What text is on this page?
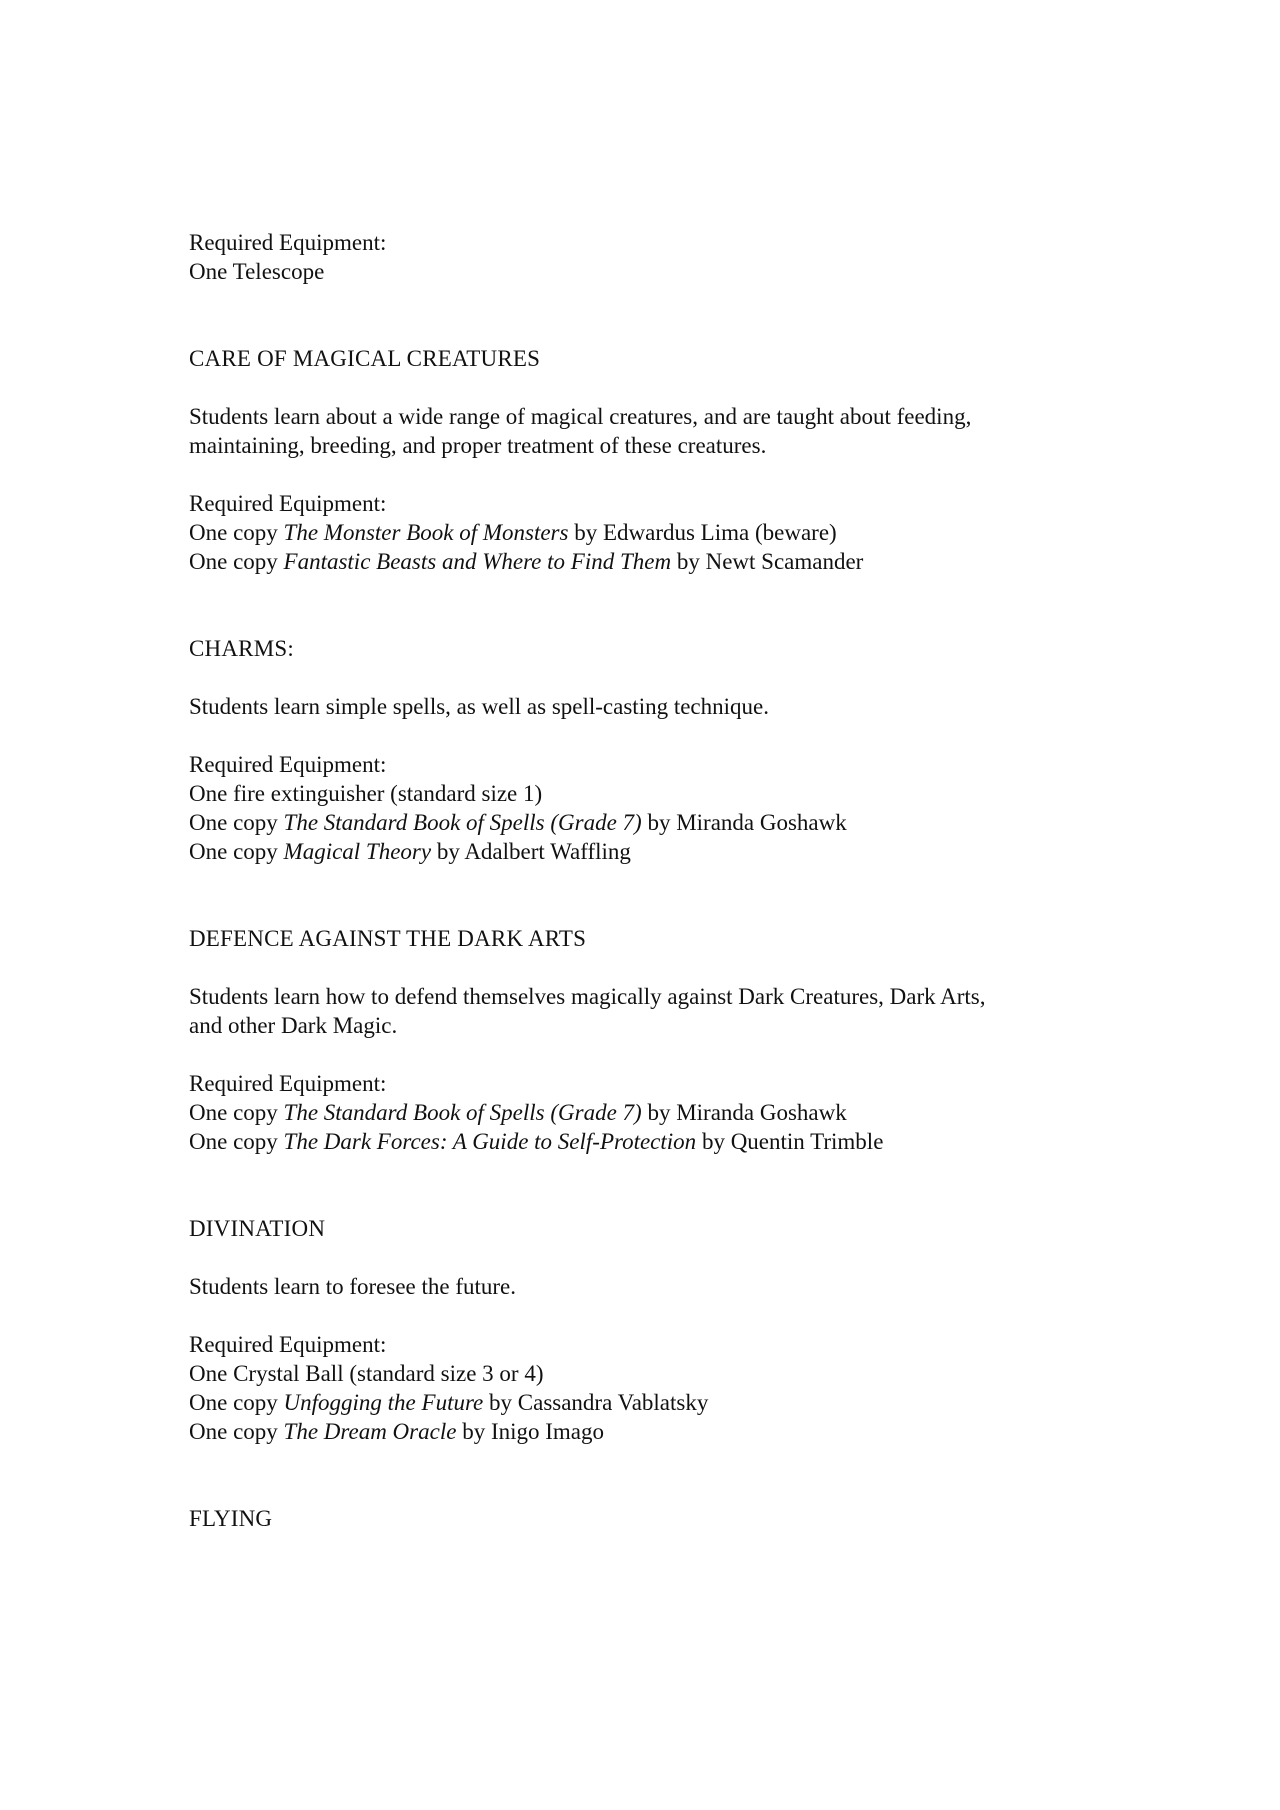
Required Equipment:
One Telescope
CARE OF MAGICAL CREATURES
Students learn about a wide range of magical creatures, and are taught about feeding,
maintaining, breeding, and proper treatment of these creatures.
Required Equipment:
One copy The Monster Book of Monsters by Edwardus Lima (beware)
One copy Fantastic Beasts and Where to Find Them by Newt Scamander
CHARMS:
Students learn simple spells, as well as spell-casting technique.
Required Equipment:
One fire extinguisher (standard size 1)
One copy The Standard Book of Spells (Grade 7) by Miranda Goshawk
One copy Magical Theory by Adalbert Waffling
DEFENCE AGAINST THE DARK ARTS
Students learn how to defend themselves magically against Dark Creatures, Dark Arts,
and other Dark Magic.
Required Equipment:
One copy The Standard Book of Spells (Grade 7) by Miranda Goshawk
One copy The Dark Forces: A Guide to Self-Protection by Quentin Trimble
DIVINATION
Students learn to foresee the future.
Required Equipment:
One Crystal Ball (standard size 3 or 4)
One copy Unfogging the Future by Cassandra Vablatsky
One copy The Dream Oracle by Inigo Imago
FLYING
